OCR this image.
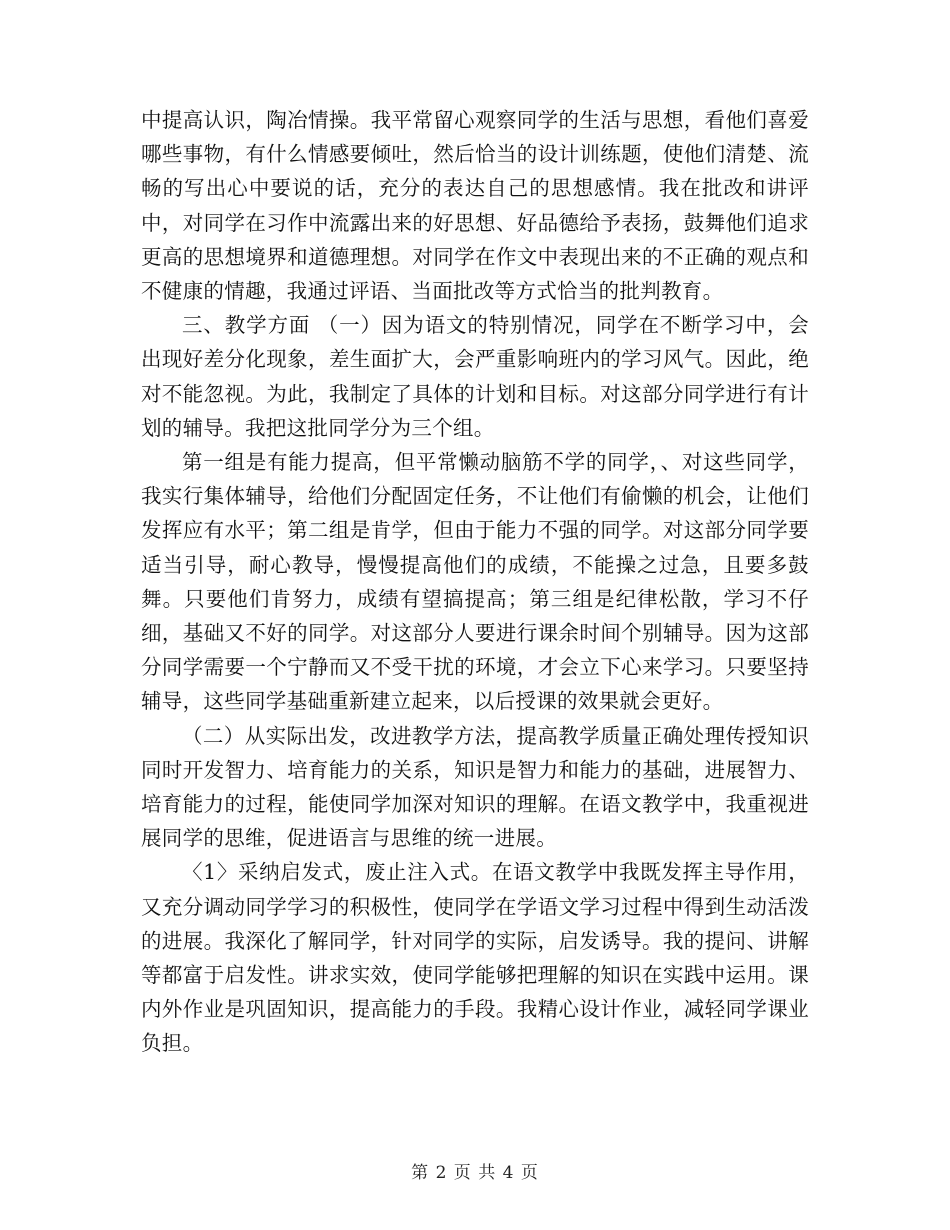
中提高认识，陶冶情操。我平常留心观察同学的生活与思想，看他们喜爱哪些事物，有什么情感要倾吐，然后恰当的设计训练题，使他们清楚、流畅的写出心中要说的话，充分的表达自己的思想感情。我在批改和讲评中，对同学在习作中流露出来的好思想、好品德给予表扬，鼓舞他们追求更高的思想境界和道德理想。对同学在作文中表现出来的不正确的观点和不健康的情趣，我通过评语、当面批改等方式恰当的批判教育。

三、教学方面 （一）因为语文的特别情况，同学在不断学习中，会出现好差分化现象，差生面扩大，会严重影响班内的学习风气。因此，绝对不能忽视。为此，我制定了具体的计划和目标。对这部分同学进行有计划的辅导。我把这批同学分为三个组。

第一组是有能力提高，但平常懒动脑筋不学的同学，、对这些同学，我实行集体辅导，给他们分配固定任务，不让他们有偷懒的机会，让他们发挥应有水平；第二组是肯学，但由于能力不强的同学。对这部分同学要适当引导，耐心教导，慢慢提高他们的成绩，不能操之过急，且要多鼓舞。只要他们肯努力，成绩有望搞提高；第三组是纪律松散，学习不仔细，基础又不好的同学。对这部分人要进行课余时间个别辅导。因为这部分同学需要一个宁静而又不受干扰的环境，才会立下心来学习。只要坚持辅导，这些同学基础重新建立起来，以后授课的效果就会更好。

（二）从实际出发，改进教学方法，提高教学质量正确处理传授知识同时开发智力、培育能力的关系，知识是智力和能力的基础，进展智力、培育能力的过程，能使同学加深对知识的理解。在语文教学中，我重视进展同学的思维，促进语言与思维的统一进展。

〈1〉采纳启发式，废止注入式。在语文教学中我既发挥主导作用，又充分调动同学学习的积极性，使同学在学语文学习过程中得到生动活泼的进展。我深化了解同学，针对同学的实际，启发诱导。我的提问、讲解等都富于启发性。讲求实效，使同学能够把理解的知识在实践中运用。课内外作业是巩固知识，提高能力的手段。我精心设计作业，减轻同学课业负担。

第 2 页 共 4 页
